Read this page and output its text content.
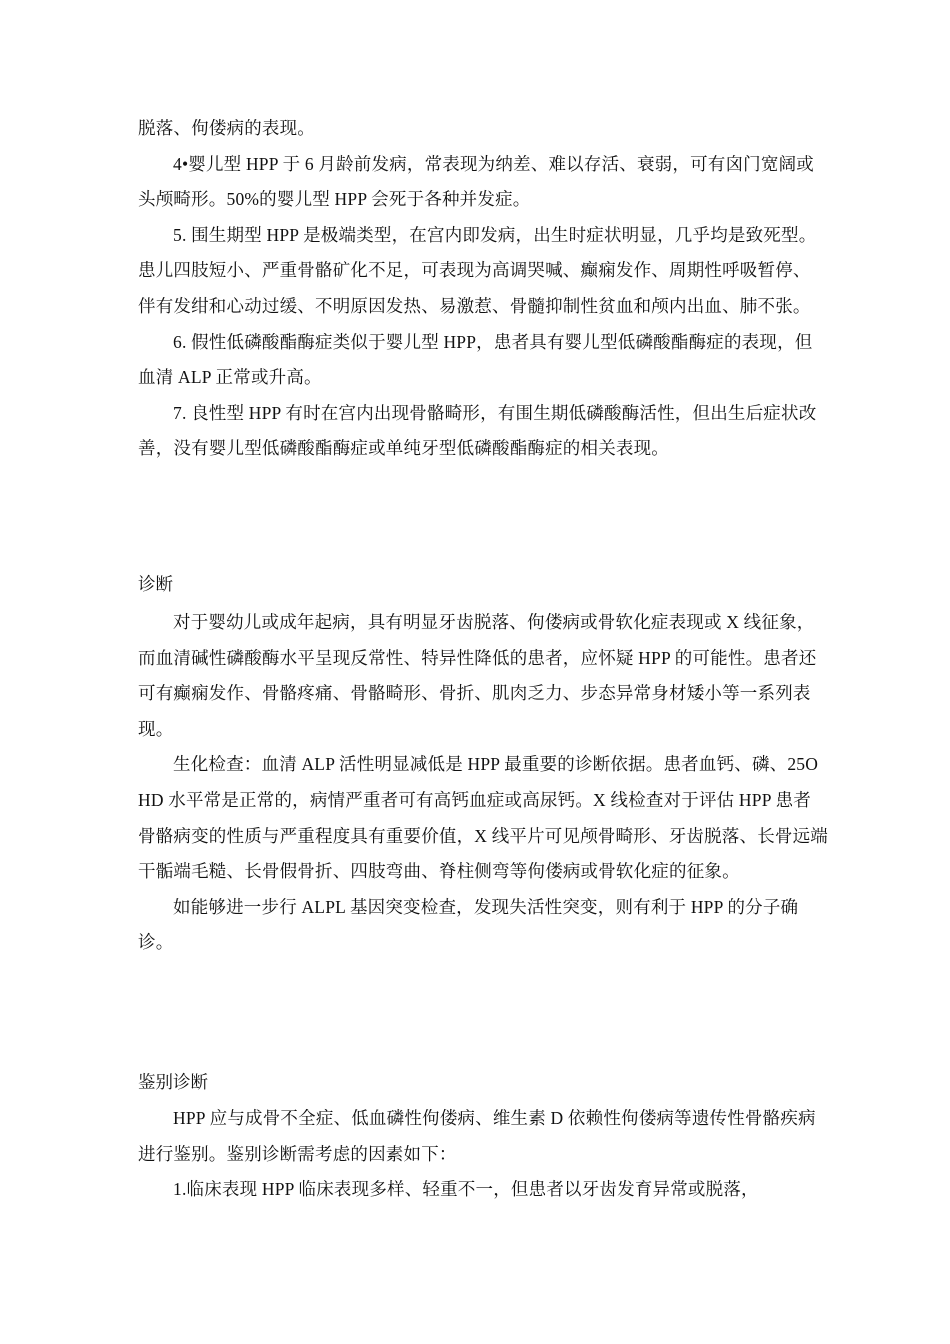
脱落、佝偻病的表现。

4•婴儿型 HPP 于 6 月龄前发病，常表现为纳差、难以存活、衰弱，可有囟门宽阔或头颅畸形。50%的婴儿型 HPP 会死于各种并发症。

5. 围生期型 HPP 是极端类型，在宫内即发病，出生时症状明显，几乎均是致死型。患儿四肢短小、严重骨骼矿化不足，可表现为高调哭喊、癫痫发作、周期性呼吸暂停、伴有发绀和心动过缓、不明原因发热、易激惹、骨髓抑制性贫血和颅内出血、肺不张。

6. 假性低磷酸酯酶症类似于婴儿型 HPP，患者具有婴儿型低磷酸酯酶症的表现，但血清 ALP 正常或升高。

7. 良性型 HPP 有时在宫内出现骨骼畸形，有围生期低磷酸酶活性，但出生后症状改善，没有婴儿型低磷酸酯酶症或单纯牙型低磷酸酯酶症的相关表现。

诊断

对于婴幼儿或成年起病，具有明显牙齿脱落、佝偻病或骨软化症表现或 X 线征象，而血清碱性磷酸酶水平呈现反常性、特异性降低的患者，应怀疑 HPP 的可能性。患者还可有癫痫发作、骨骼疼痛、骨骼畸形、骨折、肌肉乏力、步态异常身材矮小等一系列表现。

生化检查：血清 ALP 活性明显减低是 HPP 最重要的诊断依据。患者血钙、磷、25OHD 水平常是正常的，病情严重者可有高钙血症或高尿钙。X 线检查对于评估 HPP 患者骨骼病变的性质与严重程度具有重要价值，X 线平片可见颅骨畸形、牙齿脱落、长骨远端干骺端毛糙、长骨假骨折、四肢弯曲、脊柱侧弯等佝偻病或骨软化症的征象。

如能够进一步行 ALPL 基因突变检查，发现失活性突变，则有利于 HPP 的分子确诊。

鉴别诊断

HPP 应与成骨不全症、低血磷性佝偻病、维生素 D 依赖性佝偻病等遗传性骨骼疾病进行鉴别。鉴别诊断需考虑的因素如下：

1.临床表现 HPP 临床表现多样、轻重不一，但患者以牙齿发育异常或脱落，
